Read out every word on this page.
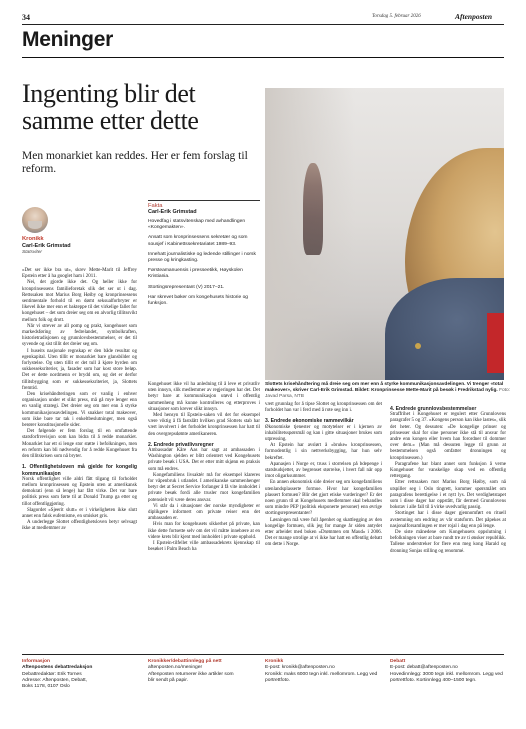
34	Torsdag 5. februar 2026	Aftenposten
Meninger
Ingenting blir det samme etter dette
Men monarkiet kan reddes. Her er fem forslag til reform.
Slottets krisehåndtering må dreie seg om mer enn å styrke kommunikasjonsavdelingen. Vi trenger «total makeover», skriver Carl-Erik Grimstad. Bildet: Kronprinsesse Mette-Marit på besøk i Fredrikstad nylig. Foto: Javad Parsa, NTB
Kronikk
Carl-Erik Grimstad
Statsviter
Fakta
Carl-Erik Grimstad
Hovedfag i statsvitenskap med avhandlingen «Kongemakten».
Ansatt som kronprinsessens sekretær og som sousjef i Kabinettssekretariatet 1989–93.
Innehatt journalistiske og ledende stillinger i norsk presse og kringkasting.
Førsteamanuensis i presseetikk, Høyskolen Kristiania.
Stortingsrepresentant (V) 2017–21.
Har skrevet bøker om kongehusets historie og funksjon.

«Det ser ikke bra ut», skrev Mette-Marit til Jeffrey Epstein etter å ha googlet ham i 2011.

Nei, det gjorde ikke det. Og heller ikke for kronprinsessens familieforetak slik det ser ut i dag. Rettssaken mot Marius Borg Høiby og kronprinsessens sentimentale forhold til en dømt seksualforbryter er likevel ikke mer enn et bakteppe til det virkelige fallet for kongehuset – det som dreier seg om en alvorlig tillitssvikt mellom folk og drott.

Når vi strever av all pomp og prakt, kongehuset som markedsføring av fedrelandet, symbolkraften, historietradisjonen og grunnlovsbestemmelser, er det til syvende og sist tillit det dreier seg om.

I huseits nasjonale regnskap er den både resultat og egenkapital. Uten tillit er monarkiet bare glansbilder og forlystelse. Og uten tillit er det tull å kjøre byrden om sukkesseksriterier, ja, fasader som har kost store beløp. Det er dette nordmenn er brydd om, og det er derfor tillitsbygging som er sukkesseksriteriet, ja, Slottets fremtid.

Den krisehåndteringen som er vanlig i enhver organisasjon under et slikt press, må gå mye lenger enn en vanlig strategi. Det dreier seg om mer enn å styrke kommunikasjonsavdelingen. Vi snakker total makeover, som ikke bare tar tak i enkeltbeslutninger, men også berører konstitusjonelle sider.

Det følgende er fem forslag til en omfattende statsforfrrevisjon som kan bidra til å redde monarkiet. Monarkiet har ett si lenge stor støtte i befolkningen, men en reform kan bli nødvendig for å redde Kongehuset fra den tillitskrisen som nå bryter.

1. Offentlighetsloven må gjelde for kongelig kommunikasjon

Norsk offentlighet ville aldri fått tilgang til forholdet mellom kronprinsessen og Epstein uten at amerikansk demokrati (enn så lenge) har fått virke. Det var bare politisk press som førte til at Donald Trump ga etter og tillot offentliggjøring.

Slagordet «Sjeerit slutt» er i virkeligheten ikke slutt annet enn falsk eufemisme, en smisket gris.

A underlegge Slottet offentlighetsloven betyr selvsagt ikke at medlemmer av

Kongehuset ikke vil ha anledning til å leve et privatliv uten innsyn, slik medlemmer av regjeringen har det. Det betyr bare at kommunikasjon utøvd i offentlig sammenheng må kunne kontrolleres og etterproves i situasjoner som krever slikt innsyn.

Med hensyn til Epstein-saken vil det for eksempel være viktig å få fastslått hvilken grad Slottets stab har vært involvert i det forholdet kronprinsessen har hatt til den overgrepsdømte amerikaneren.

2. Endrede privatlivsregner

Ambassadør Kåre Aas har sagt at ambassaden i Washington sjelden er blitt orientert ved Kongehusets private besøk i USA. Det er etter mitt skjønn en praksis som må endres.

Kongefamiliens livsaktér må for eksempel klareres for våpenbruk i utlandet. I amerikanske sammenhenger betyr det at Secret Service forlanger å få vite innholdet i private besøk fordi alle trusler mot kongefamilien potensielt vil være deres ansvar.

Vi står da i situasjoner der norske myndigheter er diplikgere informert om private reiser enn det ambassaden er.

Hvis man for kongehusets sikkerhet på private, kan ikke dette fortsette selv om det vil måtte innebære at en videre krets blir kjent med innholdet i private opphold.

I Epstein-tilfellet ville ambassadekrets kjennskap til besøket i Palm Beach ha

vært grunnlag for å tipse Slottet og kronprinsessen om det forholdet han var i ferd med å rote seg inn i.

3. Endrede økonomiske rammevilkår

Økonomiske tjenester og motytelser er i kjernen av inhabilitetsspørsmål og kan i gitte situasjoner brukes som utpressing.

At Epstein har avslørt å «bruke» kronprinsessen, formodentlig i sin nettverksbygging, har hun selv bekreftet.

Apanasjen i Norge er, truss i storrelsen på bdepenge i statsbudsjettet, av begrenset størrelse, i hvert fall når opp imot oligarksummer.

En annen økonomisk side dreier seg om kongefamiliens utenlandsplasserte formue. Hvor har kongefamilien plassert formuen? Blir det gjort etiske vurderinger? Er det noen grunn til at Kongehusets medlemmer skal behandles som mindre PEP (politisk eksponerte personer) enn øvrige stortingsrepresentanter?

Løsningen må være full åpenhet og skattlegging av den kongelige formuen, slik jeg for mange år siden antydet etter arbeidet med boken «Drømmen om Maud» i 2006. Det er mange utrolige at vi ikke har hatt en offentlig debatt om dette i Norge.

4. Endrede grunnlovsbestemmelser

Straffrihet i Kongehuset er regulert etter Grunnlovens paragrafer 5 og 37. «Kongens person kan ikke lastes», slik det heter. Og dessuten: «De kongelige prinser og prinsesser skal for sine personer ikke stå til ansvar for andre enn kongen eller hvem han forordner til dommer over dem.» (Man må dessuten legge til grunn at bestemmelsen også omfatter dronningen og kronprinsessen.)

Paragrafene har blant annet som funksjon å verne Kongehuset for vanskelige skap ved en offentlig rettergang.

Etter rettssaken mot Marius Borg Høiby, som nå utspiller seg i Oslo tingrett, kommer spørsmålet om paragrafens berettigelse i et nytt lys. Det verdighetstapet som i disse dager har oppstått, får dermed Grunnlovens bokstav i alle fall til å virke uvedvarlig passig.

Stortinget har i disse dager gjennomført en rituell avstemning om endring av vår statsform. Det påpekes at nasjonalforsamlingen er mer rojal i dag enn på lenge.

De siste månedene om Kongehusets oppslutning i befolkningen viser at bare rundt tre av ti ønsker republikk. Tallene understreker for flere enn meg kong Harald og dronning Sonjas stilling og renommé.

Informasjon
Aftenpostens debattredaksjon
Debattredaktør: Erik Tornes
Adresse: Aftenposten, Debatt,
Boks 1178, 0107 Oslo
Kronikker/debattinnlegg på nett
aftenposten.no/meninger
Aftenposten returnerer ikke artikler som
blir sendt på papir.
Kronikk
E-post: kronikk@aftenposten.no
Kronikk: maks 6000 tegn inkl. mellomrom. Legg ved portrettfoto.
Debatt
E-post: debatt@aftenposten.no
Hovedinnlegg: 3000 tegn inkl. mellomrom. Legg ved portrettfoto. Kortinnlegg 400–1500 tegn.
